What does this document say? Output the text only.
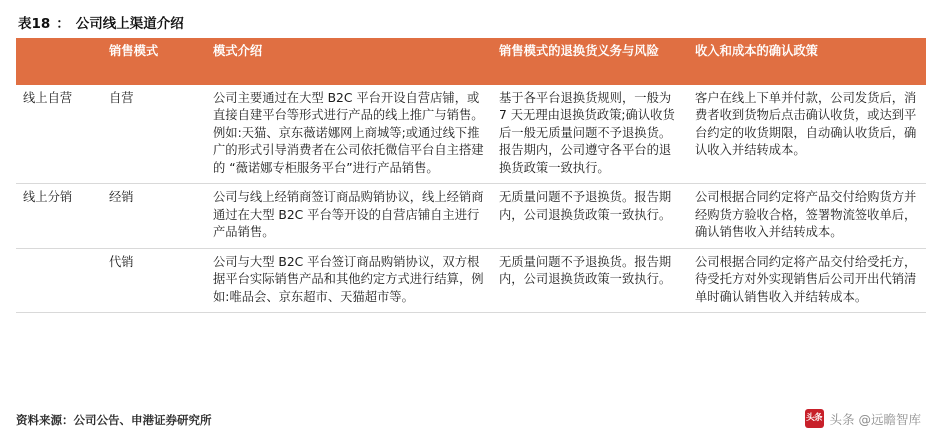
表18 ： 公司线上渠道介绍
	销售模式	模式介绍	销售模式的退换货义务与风险	收入和成本的确认政策
线上自营	自营	公司主要通过在大型 B2C 平台开设自营店铺，或直接自建平台等形式进行产品的线上推广与销售。例如:天猫、京东薇诺娜网上商城等;或通过线下推广的形式引导消费者在公司依托微信平台自主搭建的 “薇诺娜专柜服务平台”进行产品销售。	基于各平台退换货规则，一般为 7 天无理由退换货政策;确认收货后一般无质量问题不予退换货。报告期内，公司遵守各平台的退换货政策一致执行。	客户在线上下单并付款，公司发货后，消费者收到货物后点击确认收货，或达到平台约定的收货期限，自动确认收货后，确认收入并结转成本。
线上分销	经销	公司与线上经销商签订商品购销协议，线上经销商通过在大型 B2C 平台等开设的自营店铺自主进行产品销售。	无质量问题不予退换货。报告期内，公司退换货政策一致执行。	公司根据合同约定将产品交付给购货方并经购货方验收合格，签署物流签收单后，确认销售收入并结转成本。
	代销	公司与大型 B2C 平台签订商品购销协议，双方根据平台实际销售产品和其他约定方式进行结算，例如:唯品会、京东超市、天猫超市等。	无质量问题不予退换货。报告期内，公司退换货政策一致执行。	公司根据合同约定将产品交付给受托方，待受托方对外实现销售后公司开出代销清单时确认销售收入并结转成本。
资料来源：公司公告、申港证券研究所	头条 头条 @远瞻智库
